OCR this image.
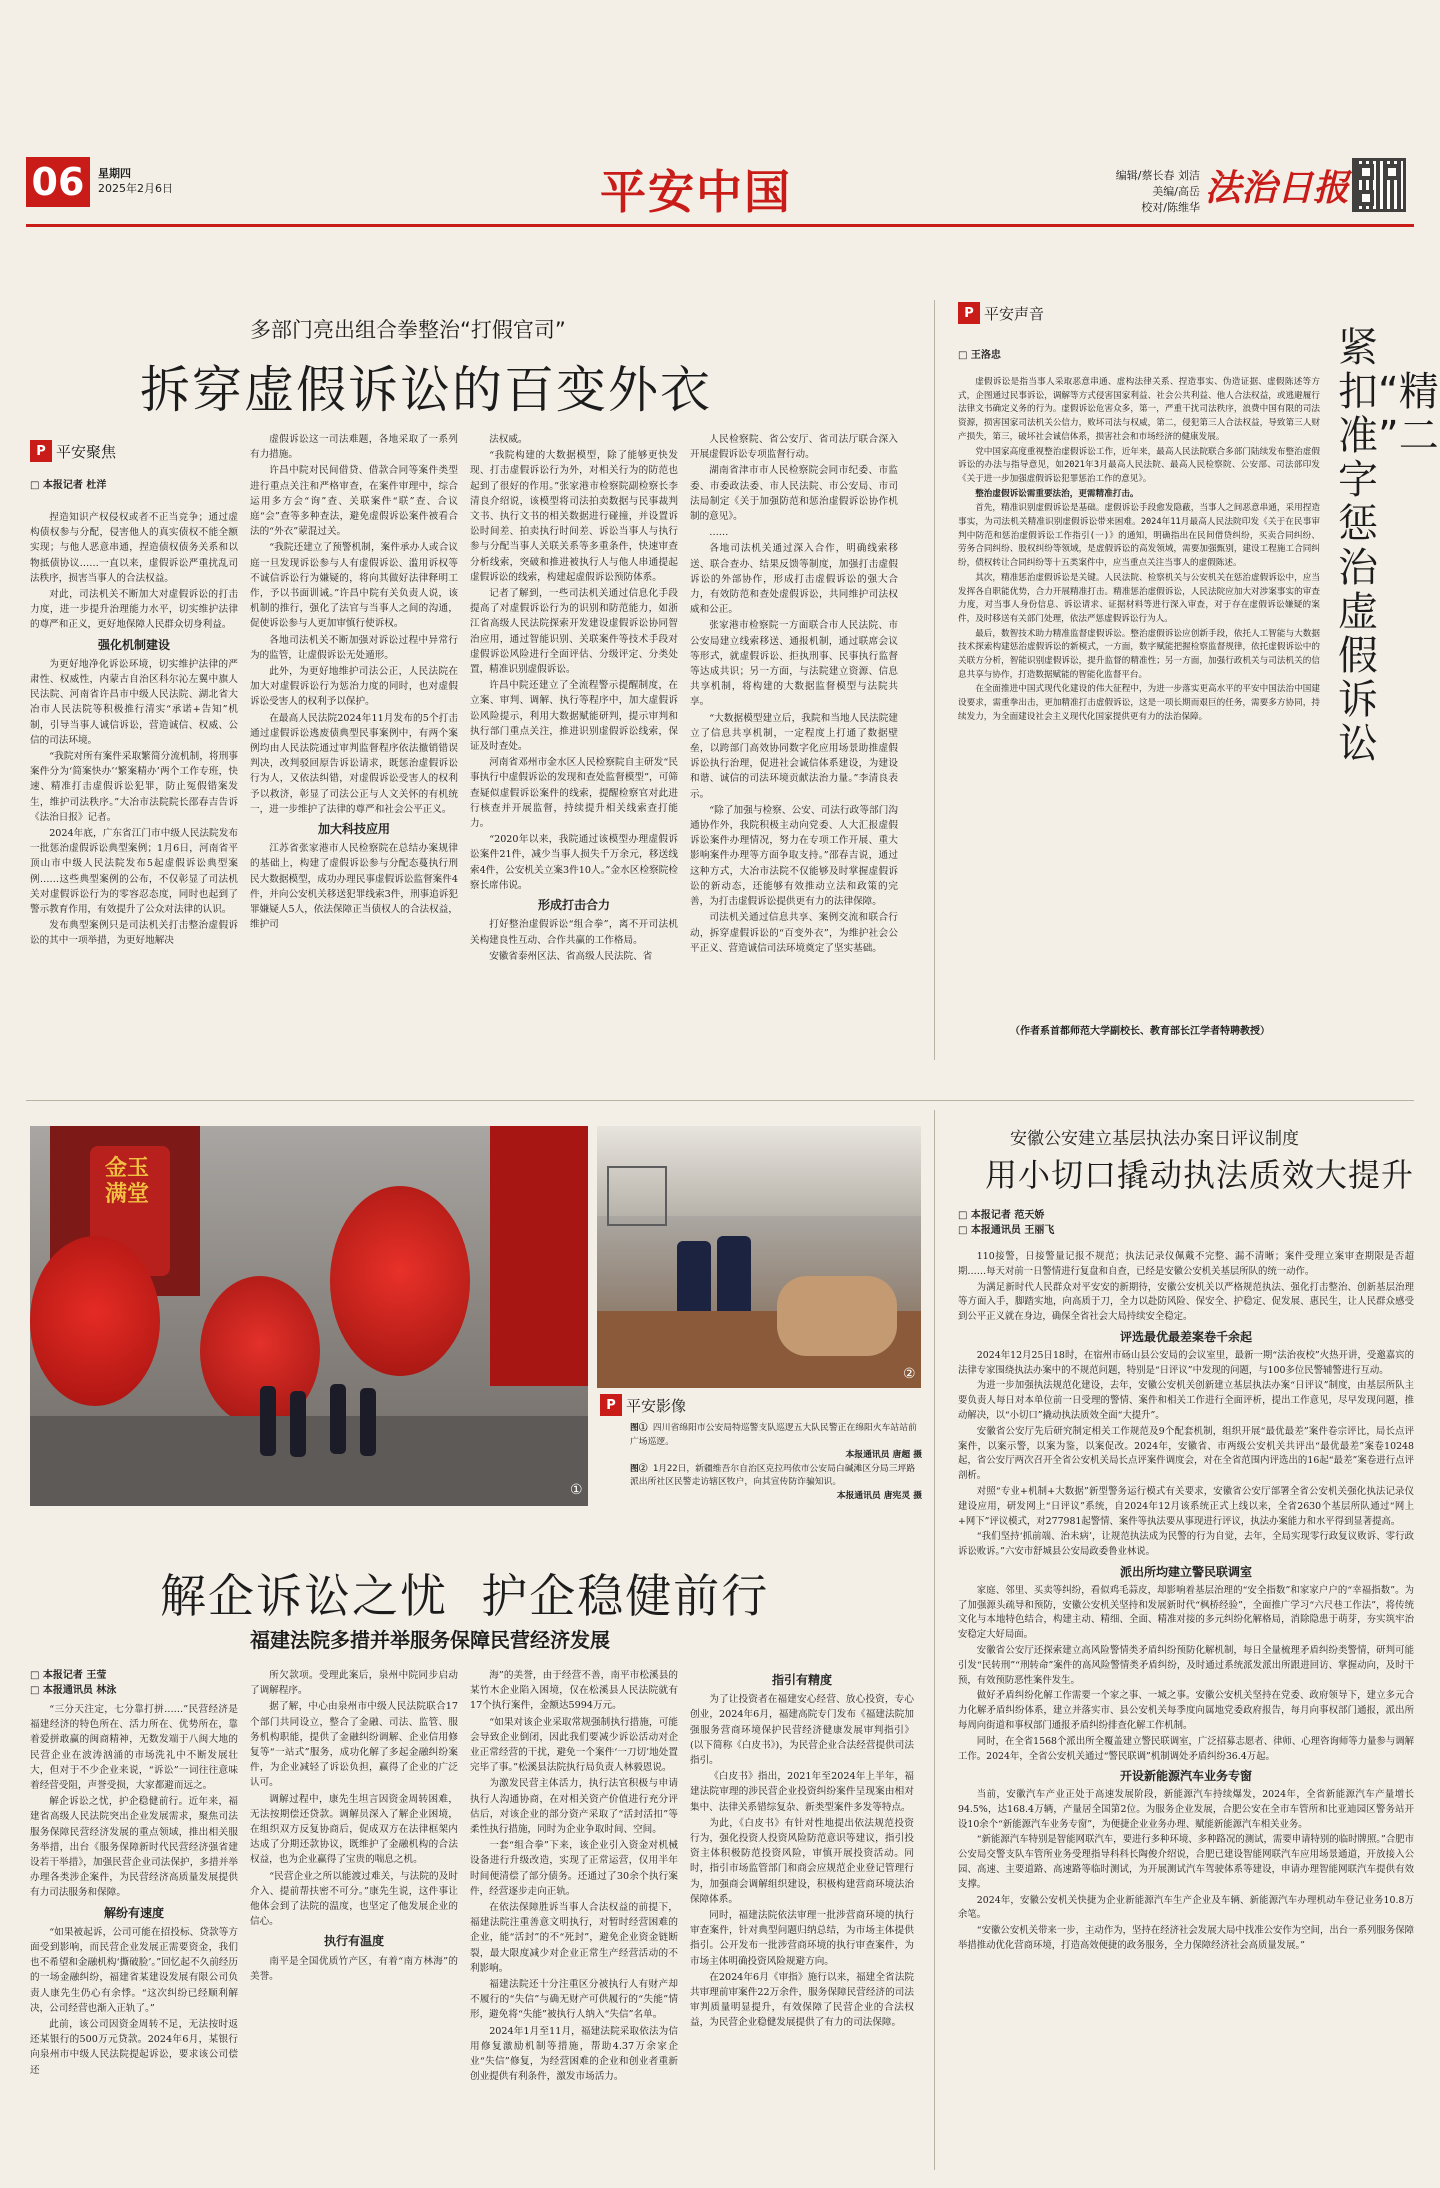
06 星期四
2025年2月6日	平安中国	编辑/蔡长春 刘洁
美编/高岳
校对/陈维华 法治日报
多部门亮出组合拳整治“打假官司”
拆穿虚假诉讼的百变外衣
P 平安聚焦
□ 本报记者 杜洋

捏造知识产权侵权或者不正当竞争；通过虚构债权参与分配，侵害他人的真实债权不能全额实现；与他人恶意串通，捏造债权债务关系和以物抵债协议……一直以来，虚假诉讼严重扰乱司法秩序，损害当事人的合法权益。

对此，司法机关不断加大对虚假诉讼的打击力度，进一步提升治理能力水平，切实维护法律的尊严和正义，更好地保障人民群众切身利益。

强化机制建设

为更好地净化诉讼环境，切实维护法律的严肃性、权威性，内蒙古自治区科尔沁左翼中旗人民法院、河南省许昌市中级人民法院、湖北省大冶市人民法院等积极推行清实“承诺+告知”机制，引导当事人诚信诉讼，营造诚信、权威、公信的司法环境。

“我院对所有案件采取繁简分流机制，将刑事案件分为‘简案快办’‘繁案精办’两个工作专班，快速、精准打击虚假诉讼犯罪，防止冤假错案发生，维护司法秩序。”大冶市法院院长邵春吉告诉《法治日报》记者。

2024年底，广东省江门市中级人民法院发布一批惩治虚假诉讼典型案例；1月6日，河南省平顶山市中级人民法院发布5起虚假诉讼典型案例……这些典型案例的公布，不仅彰显了司法机关对虚假诉讼行为的零容忍态度，同时也起到了警示教育作用，有效提升了公众对法律的认识。

发布典型案例只是司法机关打击整治虚假诉讼的其中一项举措，为更好地解决

虚假诉讼这一司法难题，各地采取了一系列有力措施。

许昌中院对民间借贷、借款合同等案件类型进行重点关注和严格审查，在案件审理中，综合运用多方会“询”查、关联案件“联”查、合议庭“会”查等多种查法，避免虚假诉讼案件被看合法的“外衣”蒙混过关。

“我院还建立了预警机制，案件承办人或合议庭一旦发现诉讼参与人有虚假诉讼、滥用诉权等不诚信诉讼行为嫌疑的，将向其做好法律释明工作，予以书面训诫。”许昌中院有关负责人说，该机制的推行，强化了法官与当事人之间的沟通，促使诉讼参与人更加审慎行使诉权。

各地司法机关不断加强对诉讼过程中异常行为的监管，让虚假诉讼无处遁形。

此外，为更好地维护司法公正，人民法院在加大对虚假诉讼行为惩治力度的同时，也对虚假诉讼受害人的权利予以保护。

在最高人民法院2024年11月发布的5个打击通过虚假诉讼逃废债典型民事案例中，有两个案例均由人民法院通过审判监督程序依法撤销错误判决，改判驳回原告诉讼请求，既惩治虚假诉讼行为人，又依法纠错，对虚假诉讼受害人的权利予以救济，彰显了司法公正与人文关怀的有机统一，进一步维护了法律的尊严和社会公平正义。

加大科技应用

江苏省张家港市人民检察院在总结办案规律的基础上，构建了虚假诉讼参与分配态蔓执行刑民大数据模型，成功办理民事虚假诉讼监督案件4件，并向公安机关移送犯罪线索3件，刑事追诉犯罪嫌疑人5人，依法保障正当债权人的合法权益，维护司

法权威。

“我院构建的大数据模型，除了能够更快发现、打击虚假诉讼行为外，对相关行为的防范也起到了很好的作用。”张家港市检察院副检察长李清良介绍说，该模型将司法拍卖数据与民事裁判文书、执行文书的相关数据进行碰撞，并设置诉讼时间差、拍卖执行时间差、诉讼当事人与执行参与分配当事人关联关系等多重条件，快速审查分析线索，突破和推进被执行人与他人串通提起虚假诉讼的线索，构建起虚假诉讼预防体系。

记者了解到，一些司法机关通过信息化手段提高了对虚假诉讼行为的识别和防范能力，如浙江省高级人民法院探索开发建设虚假诉讼协同智治应用，通过智能识别、关联案件等技术手段对虚假诉讼风险进行全面评估、分级评定、分类处置，精准识别虚假诉讼。

许昌中院还建立了全流程警示提醒制度，在立案、审判、调解、执行等程序中，加大虚假诉讼风险提示，利用大数据赋能研判，提示审判和执行部门重点关注，推进识别虚假诉讼线索，保证及时查处。

河南省邓州市金水区人民检察院自主研发“民事执行中虚假诉讼的发现和查处监督模型”，可筛查疑似虚假诉讼案件的线索，提醒检察官对此进行核查并开展监督，持续提升相关线索查打能力。

“2020年以来，我院通过该模型办理虚假诉讼案件21件，减少当事人损失千万余元，移送线索4件，公安机关立案3件10人。”金水区检察院检察长席伟说。

形成打击合力

打好整治虚假诉讼“组合拳”，离不开司法机关构建良性互动、合作共赢的工作格局。

安徽省泰州区法、省高级人民法院、省

人民检察院、省公安厅、省司法厅联合深入开展虚假诉讼专项监督行动。

湖南省津市市人民检察院会同市纪委、市监委、市委政法委、市人民法院、市公安局、市司法局制定《关于加强防范和惩治虚假诉讼协作机制的意见》。

……

各地司法机关通过深入合作，明确线索移送、联合查办、结果反馈等制度，加强打击虚假诉讼的外部协作，形成打击虚假诉讼的强大合力，有效防范和查处虚假诉讼，共同维护司法权威和公正。

张家港市检察院一方面联合市人民法院、市公安局建立线索移送、通报机制，通过联席会议等形式，就虚假诉讼、拒执刑事、民事执行监督等达成共识；另一方面，与法院建立资源、信息共享机制，将构建的大数据监督模型与法院共享。

“大数据模型建立后，我院和当地人民法院建立了信息共享机制，一定程度上打通了数据壁垒，以跨部门高效协同数字化应用场景助推虚假诉讼执行治理，促进社会诚信体系建设，为建设和谐、诚信的司法环境贡献法治力量。”李清良表示。

“除了加强与检察、公安、司法行政等部门沟通协作外，我院积极主动向党委、人大汇报虚假诉讼案件办理情况，努力在专项工作开展、重大影响案件办理等方面争取支持。”邵春吉说，通过这种方式，大冶市法院不仅能够及时掌握虚假诉讼的新动态，还能够有效推动立法和政策的完善，为打击虚假诉讼提供更有力的法律保障。

司法机关通过信息共享、案例交流和联合行动，拆穿虚假诉讼的“百变外衣”，为维护社会公平正义、营造诚信司法环境奠定了坚实基础。

P 平安声音
□ 王洛忠	紧扣“精准”二字惩治虚假诉讼

虚假诉讼是指当事人采取恶意串通、虚构法律关系、捏造事实、伪造证据、虚假陈述等方式，企图通过民事诉讼，调解等方式侵害国家利益、社会公共利益、他人合法权益，或逃避履行法律文书确定义务的行为。虚假诉讼危害众多，第一，严重干扰司法秩序，浪费中国有限的司法资源，损害国家司法机关公信力，败坏司法与权威，第二，侵犯第三人合法权益，导致第三人财产损失，第三，破坏社会诚信体系，损害社会和市场经济的健康发展。

党中国家高度重视整治虚假诉讼工作，近年来，最高人民法院联合多部门陆续发布整治虚假诉讼的办法与指导意见，如2021年3月最高人民法院、最高人民检察院、公安部、司法部印发《关于进一步加强虚假诉讼犯罪惩治工作的意见》。

整治虚假诉讼需重要法治，更需精准打击。

首先，精准识别虚假诉讼是基础。虚假诉讼手段愈发隐蔽，当事人之间恶意串通，采用捏造事实，为司法机关精准识别虚假诉讼带来困难。2024年11月最高人民法院印发《关于在民事审判中防范和惩治虚假诉讼工作指引(一)》的通知，明确指出在民间借贷纠纷，买卖合同纠纷、劳务合同纠纷、股权纠纷等领域，是虚假诉讼的高发领域，需要加强甄别，建设工程施工合同纠纷，债权转让合同纠纷等十五类案件中，应当重点关注当事人的虚假陈述。

其次，精准惩治虚假诉讼是关键。人民法院、检察机关与公安机关在惩治虚假诉讼中，应当发挥各自职能优势，合力开展精准打击。精准惩治虚假诉讼，人民法院应加大对涉案事实的审查力度，对当事人身份信息、诉讼请求、证据材料等进行深入审查，对于存在虚假诉讼嫌疑的案件，及时移送有关部门处理，依法严惩虚假诉讼行为人。

最后，数智技术助力精准监督虚假诉讼。整治虚假诉讼应创新手段，依托人工智能与大数据技术探索构建惩治虚假诉讼的新模式，一方面，数字赋能把握检察监督规律，依托虚假诉讼中的关联方分析，智能识别虚假诉讼，提升监督的精准性；另一方面，加强行政机关与司法机关的信息共享与协作，打造数据赋能的智能化监督平台。

在全面推进中国式现代化建设的伟大征程中，为进一步落实更高水平的平安中国法治中国建设要求，需重拳出击，更加精准打击虚假诉讼，这是一项长期而艰巨的任务，需要多方协同，持续发力，为全面建设社会主义现代化国家提供更有力的法治保障。

（作者系首都师范大学副校长、教育部长江学者特聘教授）
金玉满堂
①
②
P 平安影像
图① 四川省绵阳市公安局特巡警支队巡逻五大队民警正在绵阳火车站站前广场巡逻。
本报通讯员 唐超 摄
图② 1月22日，新疆维吾尔自治区克拉玛依市公安局白碱滩区分局三坪路派出所社区民警走访辖区牧户，向其宣传防诈骗知识。
本报通讯员 唐宪灵 摄
安徽公安建立基层执法办案日评议制度
用小切口撬动执法质效大提升
□ 本报记者 范天娇
□ 本报通讯员 王丽飞

110接警，日接警量记报不规范；执法记录仪佩戴不完整、漏不清晰；案件受理立案审查期限是否超期……每天对前一日警情进行复盘和自查，已经是安徽公安机关基层所队的统一动作。

为满足新时代人民群众对平安安的新期待，安徽公安机关以严格规范执法、强化打击整治、创新基层治理等方面入手，脚踏实地，向高质于刀，全力以赴防风险、保安全、护稳定、促发展、惠民生，让人民群众感受到公平正义就在身边，确保全省社会大局持续安全稳定。

评选最优最差案卷千余起

2024年12月25日18时，在宿州市砀山县公安局的会议室里，最新一期“法治夜校”火热开讲，受邀嘉宾的法律专家围绕执法办案中的不规范问题，特别是“日评议”中发现的问题，与100多位民警辅警进行互动。

为进一步加强执法规范化建设，去年，安徽公安机关创新建立基层执法办案“日评议”制度，由基层所队主要负责人每日对本单位前一日受理的警情、案件和相关工作进行全面评析，提出工作意见，尽早发现问题，推动解决，以“小切口”撬动执法质效全面“大提升”。

安徽省公安厅先后研究制定相关工作规范及9个配套机制，组织开展“最优最差”案件卷宗评比，局长点评案件，以案示警，以案为鉴，以案促改。2024年，安徽省、市两级公安机关共评出“最优最差”案卷10248起，省公安厅两次召开全省公安机关局长点评案件调度会，对在全省范围内评选出的16起“最差”案卷进行点评剖析。

对照“专业+机制+大数据”新型警务运行模式有关要求，安徽省公安厅部署全省公安机关强化执法记录仪建设应用，研发网上“日评议”系统，自2024年12月该系统正式上线以来，全省2630个基层所队通过“网上+网下”评议模式，对277981起警情、案件等执法要从事现进行评议，执法办案能力和水平得到显著提高。

“我们坚持‘抓前端、治未病’，让规范执法成为民警的行为自觉，去年，全局实现零行政复议败诉、零行政诉讼败诉。”六安市舒城县公安局政委鲁业林说。

派出所均建立警民联调室

家庭、邻里、买卖等纠纷，看似鸡毛蒜皮，却影响着基层治理的“安全指数”和家家户户的“幸福指数”。为了加强源头疏导和预防，安徽公安机关坚持和发展新时代“枫桥经验”，全面推广学习“六尺巷工作法”，将传统文化与本地特色结合，构建主动、精细、全面、精准对接的多元纠纷化解格局，消除隐患于萌芽，夯实筑牢治安稳定大好局面。

安徽省公安厅还探索建立高风险警情类矛盾纠纷预防化解机制，每日全量梳理矛盾纠纷类警情，研判可能引发“民转刑”“刑转命”案件的高风险警情类矛盾纠纷，及时通过系统派发派出所跟进回访、掌握动向，及时干预，有效预防恶性案件发生。

做好矛盾纠纷化解工作需要一个家之事、一城之事。安徽公安机关坚持在党委、政府领导下，建立多元合力化解矛盾纠纷体系，建立并落实市、县公安机关每季度向属地党委政府报告，每月向事权部门通报，派出所每周向街道和事权部门通报矛盾纠纷排查化解工作机制。

同时，在全省1568个派出所全覆盖建立警民联调室，广泛招募志愿者、律师、心理咨询师等力量参与调解工作。2024年，全省公安机关通过“警民联调”机制调处矛盾纠纷36.4万起。

开设新能源汽车业务专窗

当前，安徽汽车产业正处于高速发展阶段，新能源汽车持续爆发，2024年，全省新能源汽车产量增长94.5%，达168.4万辆，产量居全国第2位。为服务企业发展，合肥公安在全市车管所和比亚迪园区警务站开设10余个“新能源汽车业务专窗”，为便捷企业业务办理、赋能新能源汽车相关业务。

“新能源汽车特别是智能网联汽车，要进行多种环境、多种路况的测试，需要申请特别的临时牌照。”合肥市公安局交警支队车管所业务受理指导科科长陶俊介绍说，合肥已建设智能网联汽车应用场景通道，开放接入公园、高速、主要道路、高速路等临时测试，为开展测试汽车驾驶体系等建设，申请办理智能网联汽车提供有效支撑。

2024年，安徽公安机关快捷为企业新能源汽车生产企业及车辆、新能源汽车办理机动车登记业务10.8万余笔。

“安徽公安机关带来一步，主动作为，坚持在经济社会发展大局中找准公安作为空间，出台一系列服务保障举措推动优化营商环境，打造高效便捷的政务服务，全力保障经济社会高质量发展。”

解企诉讼之忧  护企稳健前行
福建法院多措并举服务保障民营经济发展
□ 本报记者 王莹
□ 本报通讯员 林泳

“三分天注定，七分靠打拼……”民营经济是福建经济的特色所在、活力所在、优势所在，靠着爱拼敢赢的闽商精神，无数发端于八闽大地的民营企业在波涛汹涌的市场洗礼中不断发展壮大，但对于不少企业来说，“诉讼”一词往往意味着经营受阻，声誉受损，大家都避而远之。

解企诉讼之忧，护企稳健前行。近年来，福建省高级人民法院突出企业发展需求，聚焦司法服务保障民营经济发展的重点领域，推出相关服务举措，出台《服务保障新时代民营经济强省建设若干举措》，加强民营企业司法保护，多措并举办理各类涉企案件，为民营经济高质量发展提供有力司法服务和保障。

解纷有速度

“如果被起诉，公司可能在招投标、贷款等方面受到影响，而民营企业发展正需要资金，我们也不希望和金融机构‘撕破脸’。”回忆起不久前经历的一场金融纠纷，福建省某建设发展有限公司负责人康先生仍心有余悸。“这次纠纷已经顺利解决，公司经营也渐入正轨了。”

此前，该公司因资金周转不足，无法按时返还某银行的500万元贷款。2024年6月，某银行向泉州市中级人民法院提起诉讼，要求该公司偿还

所欠款项。受理此案后，泉州中院同步启动了调解程序。

据了解，中心由泉州市中级人民法院联合17个部门共同设立，整合了金融、司法、监管、服务机构职能，提供了金融纠纷调解、企业信用修复等“一站式”服务，成功化解了多起金融纠纷案件，为企业减轻了诉讼负担，赢得了企业的广泛认可。

调解过程中，康先生坦言因资金周转困难，无法按期偿还贷款。调解员深入了解企业困境，在组织双方反复协商后，促成双方在法律框架内达成了分期还款协议，既维护了金融机构的合法权益，也为企业赢得了宝贵的喘息之机。

“民营企业之所以能渡过难关，与法院的及时介入、提前帮扶密不可分。”康先生说，这件事让他体会到了法院的温度，也坚定了他发展企业的信心。

执行有温度

南平是全国优质竹产区，有着“南方林海”的美誉。

海”的美誉，由于经营不善，南平市松溪县的某竹木企业陷入困境，仅在松溪县人民法院就有17个执行案件，金额达5994万元。

“如果对该企业采取常规强制执行措施，可能会导致企业倒闭，因此我们要减少诉讼活动对企业正常经营的干扰，避免一个案件‘一刀切’地处置完毕了事。”松溪县法院执行局负责人林毅恩说。

为激发民营主体活力，执行法官积极与申请执行人沟通协商，在对相关资产价值进行充分评估后，对该企业的部分资产采取了“活封活扣”等柔性执行措施，同时为企业争取时间、空间。

一套“组合拳”下来，该企业引入资金对机械设备进行升级改造，实现了正常运营，仅用半年时间便清偿了部分债务。还通过了30余个执行案件，经营逐步走向正轨。

在依法保障胜诉当事人合法权益的前提下，福建法院注重善意文明执行，对暂时经营困难的企业，能“活封”的不“死封”，避免企业资金链断裂，最大限度减少对企业正常生产经营活动的不利影响。

福建法院还十分注重区分被执行人有财产却不履行的“失信”与确无财产可供履行的“失能”情形，避免将“失能”被执行人纳入“失信”名单。

2024年1月至11月，福建法院采取依法为信用修复激励机制等措施，帮助4.37万余家企业“失信”修复，为经营困难的企业和创业者重新创业提供有利条件，激发市场活力。

指引有精度

为了让投资者在福建安心经营、放心投资，专心创业，2024年6月，福建高院专门发布《福建法院加强服务营商环境保护民营经济健康发展审判指引》(以下简称《白皮书》)，为民营企业合法经营提供司法指引。

《白皮书》指出，2021年至2024年上半年，福建法院审理的涉民营企业投资纠纷案件呈现案由相对集中、法律关系错综复杂、新类型案件多发等特点。

为此，《白皮书》有针对性地提出依法规范投资行为，强化投资人投资风险防范意识等建议，指引投资主体积极防范投资风险，审慎开展投资活动。同时，指引市场监管部门和商会应规范企业登记管理行为，加强商会调解组织建设，积极构建营商环境法治保障体系。

同时，福建法院依法审理一批涉营商环境的执行审查案件，针对典型问题归纳总结，为市场主体提供指引。公开发布一批涉营商环境的执行审查案件，为市场主体明确投资风险规避方向。

在2024年6月《审指》施行以来，福建全省法院共审理前审案件22万余件，服务保障民营经济的司法审判质量明显提升，有效保障了民营企业的合法权益，为民营企业稳健发展提供了有力的司法保障。
